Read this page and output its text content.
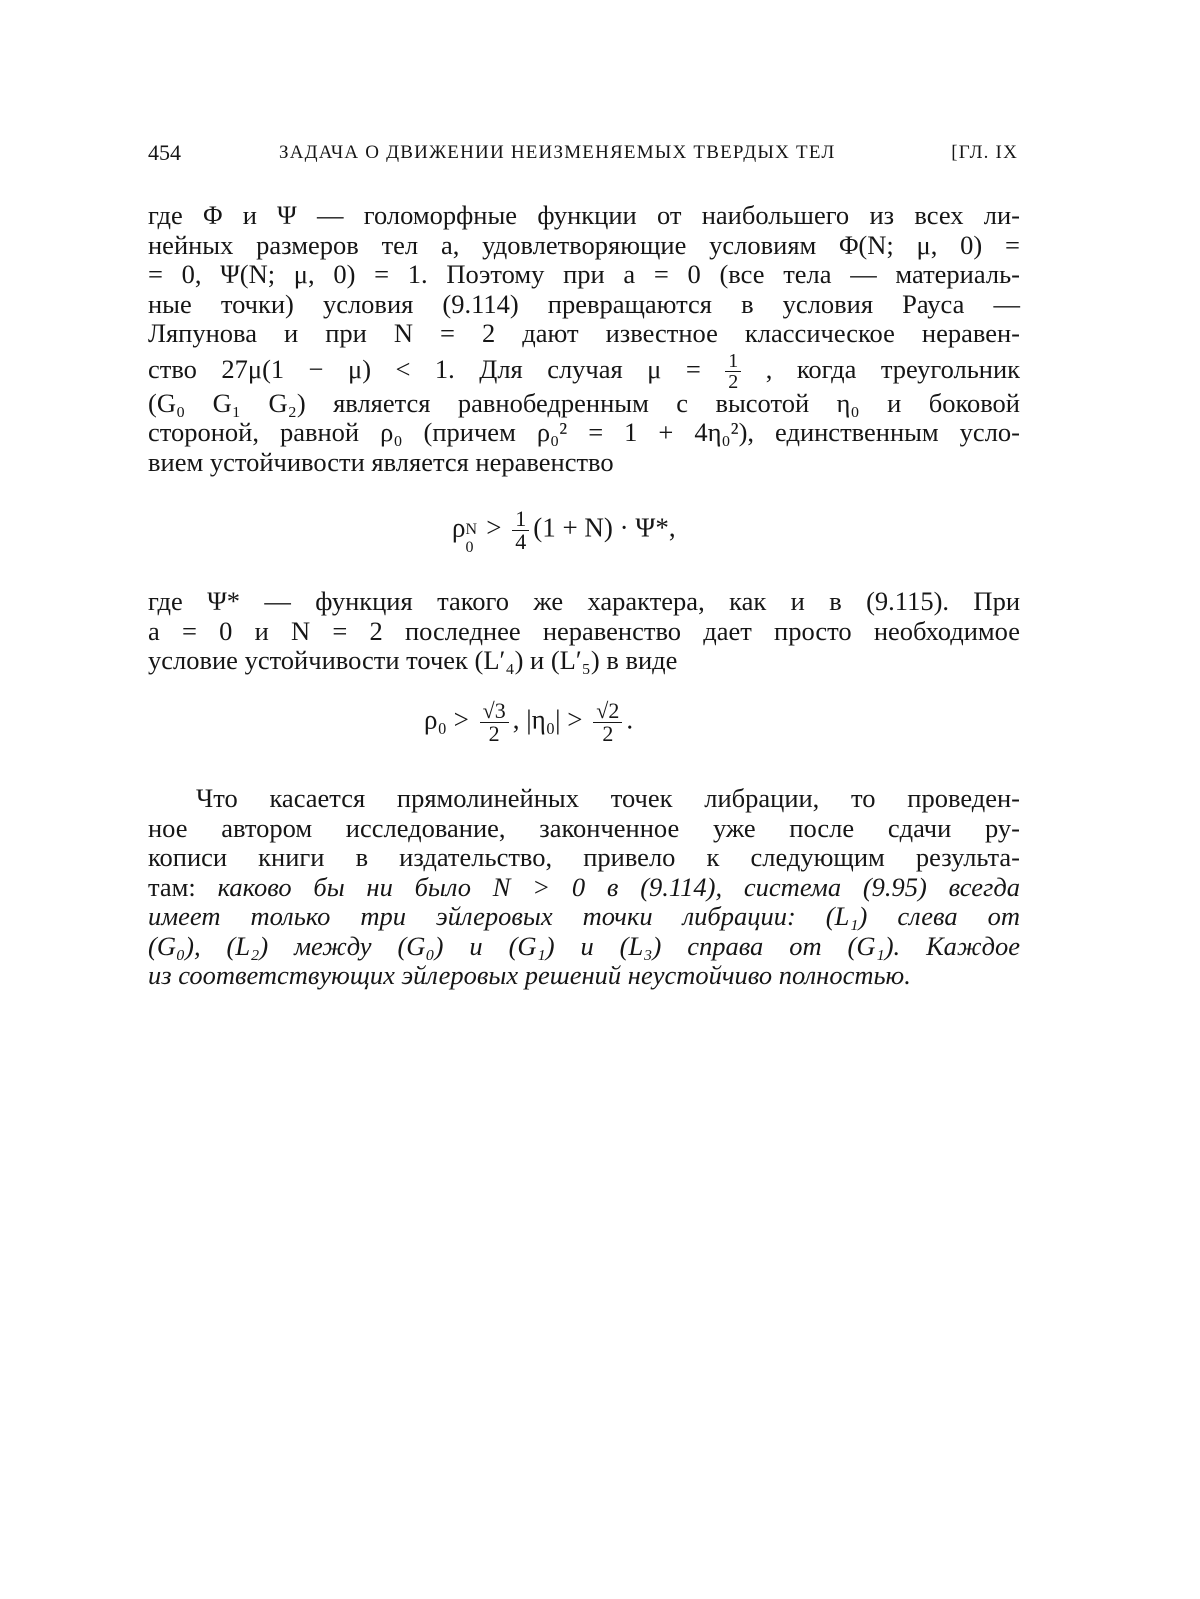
454	ЗАДАЧА О ДВИЖЕНИИ НЕИЗМЕНЯЕМЫХ ТВЕРДЫХ ТЕЛ	[ГЛ. IX
где Φ и Ψ — голоморфные функции от наибольшего из всех ли-
нейных размеров тел a, удовлетворяющие условиям Φ(N; μ, 0) =
= 0, Ψ(N; μ, 0) = 1. Поэтому при a = 0 (все тела — материаль-
ные точки) условия (9.114) превращаются в условия Рауса —
Ляпунова и при N = 2 дают известное классическое неравен-
ство 27μ(1 − μ) < 1. Для случая $\mu = \frac{1}{2}$ , когда треугольник
(G₀ G₁ G₂) является равнобедренным с высотой η₀ и боковой
стороной, равной ρ₀ (причем ρ₀² = 1 + 4η₀²), единственным усло-
вием устойчивости является неравенство
ρ N
0
> $\frac{1}{4} (1 + N) \cdot \Psi*$,
где Ψ* — функция такого же характера, как и в (9.115). При
a = 0 и N = 2 последнее неравенство дает просто необходимое
условие устойчивости точек (L′₄) и (L′₅) в виде
$\rho_0 > \frac{√3}{2}$ , $|\eta_0| > \frac{√2}{2}$ .
Что касается прямолинейных точек либрации, то проведен-
ное автором исследование, законченное уже после сдачи ру-
кописи книги в издательство, привело к следующим результа-
там: каково бы ни было N > 0 в (9.114), система (9.95) всегда
имеет только три эйлеровых точки либрации: (L₁) слева от
(G₀), (L₂) между (G₀) и (G₁) и (L₃) справа от (G₁). Каждое
из соответствующих эйлеровых решений неустойчиво полностью.
